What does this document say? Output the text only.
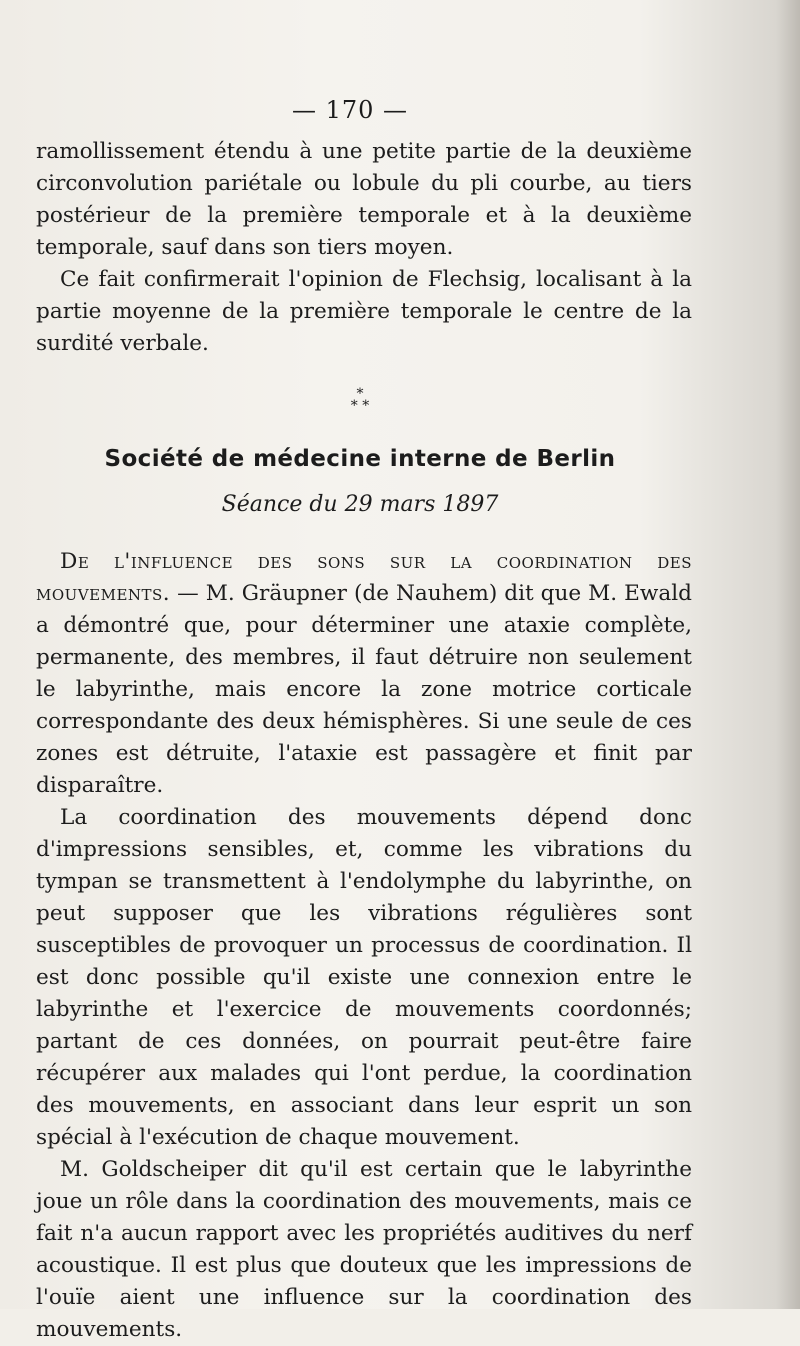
— 170 —

ramollissement étendu à une petite partie de la deuxième circonvolution pariétale ou lobule du pli courbe, au tiers postérieur de la première temporale et à la deuxième temporale, sauf dans son tiers moyen.

Ce fait confirmerait l'opinion de Flechsig, localisant à la partie moyenne de la première temporale le centre de la surdité verbale.

*
* *
Société de médecine interne de Berlin
Séance du 29 mars 1897

De l'influence des sons sur la coordination des mouvements. — M. Gräupner (de Nauhem) dit que M. Ewald a démontré que, pour déterminer une ataxie complète, permanente, des membres, il faut détruire non seulement le labyrinthe, mais encore la zone motrice corticale correspondante des deux hémisphères. Si une seule de ces zones est détruite, l'ataxie est passagère et finit par disparaître.

La coordination des mouvements dépend donc d'impressions sensibles, et, comme les vibrations du tympan se transmettent à l'endolymphe du labyrinthe, on peut supposer que les vibrations régulières sont susceptibles de provoquer un processus de coordination. Il est donc possible qu'il existe une connexion entre le labyrinthe et l'exercice de mouvements coordonnés; partant de ces données, on pourrait peut-être faire récupérer aux malades qui l'ont perdue, la coordination des mouvements, en associant dans leur esprit un son spécial à l'exécution de chaque mouvement.

M. Goldscheiper dit qu'il est certain que le labyrinthe joue un rôle dans la coordination des mouvements, mais ce fait n'a aucun rapport avec les propriétés auditives du nerf acoustique. Il est plus que douteux que les impressions de l'ouïe aient une influence sur la coordination des mouvements.
